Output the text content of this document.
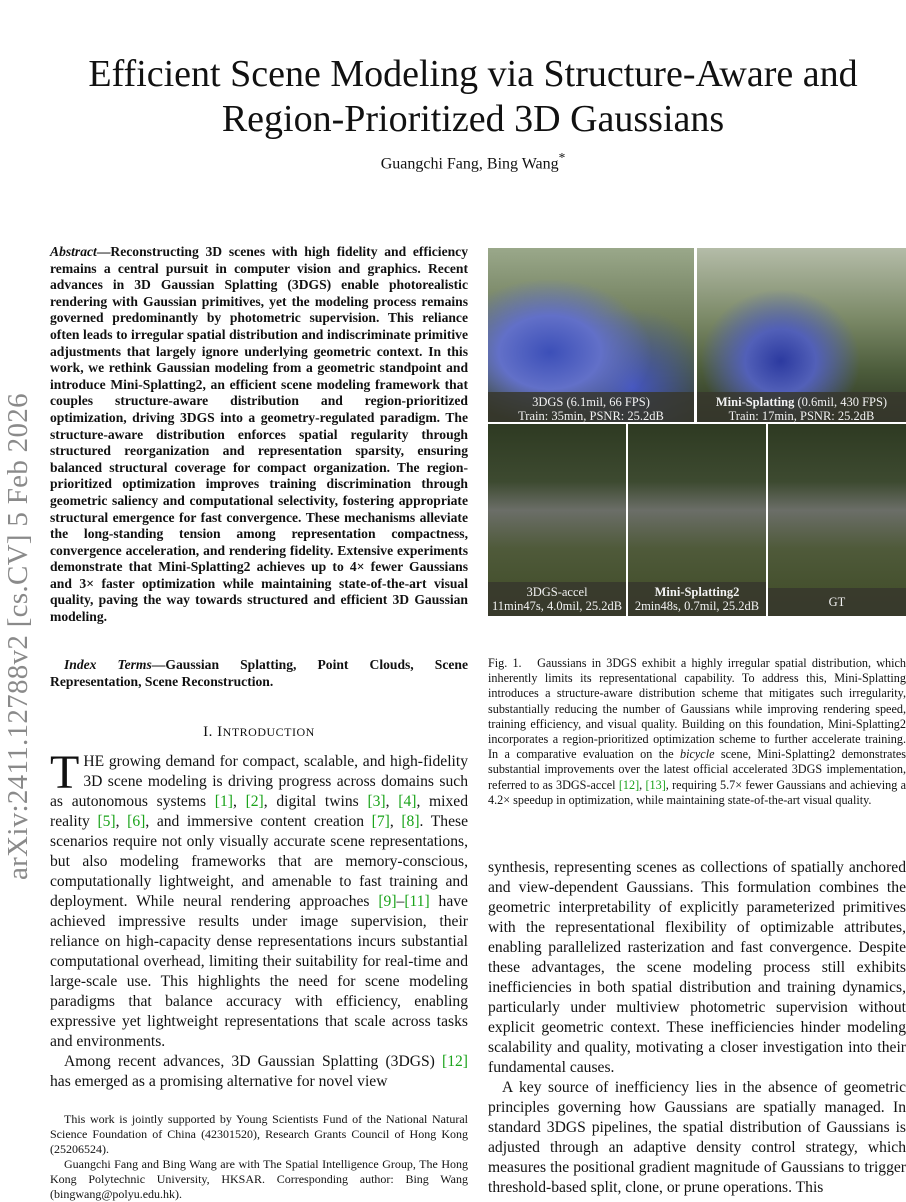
arXiv:2411.12788v2 [cs.CV] 5 Feb 2026
Efficient Scene Modeling via Structure-Aware and
Region-Prioritized 3D Gaussians
Guangchi Fang, Bing Wang*
Abstract—Reconstructing 3D scenes with high fidelity and efficiency remains a central pursuit in computer vision and graphics. Recent advances in 3D Gaussian Splatting (3DGS) enable photorealistic rendering with Gaussian primitives, yet the modeling process remains governed predominantly by photometric supervision. This reliance often leads to irregular spatial distribution and indiscriminate primitive adjustments that largely ignore underlying geometric context. In this work, we rethink Gaussian modeling from a geometric standpoint and introduce Mini-Splatting2, an efficient scene modeling framework that couples structure-aware distribution and region-prioritized optimization, driving 3DGS into a geometry-regulated paradigm. The structure-aware distribution enforces spatial regularity through structured reorganization and representation sparsity, ensuring balanced structural coverage for compact organization. The region-prioritized optimization improves training discrimination through geometric saliency and computational selectivity, fostering appropriate structural emergence for fast convergence. These mechanisms alleviate the long-standing tension among representation compactness, convergence acceleration, and rendering fidelity. Extensive experiments demonstrate that Mini-Splatting2 achieves up to 4× fewer Gaussians and 3× faster optimization while maintaining state-of-the-art visual quality, paving the way towards structured and efficient 3D Gaussian modeling.
Index Terms—Gaussian Splatting, Point Clouds, Scene Representation, Scene Reconstruction.
I. INTRODUCTION

THE growing demand for compact, scalable, and high-fidelity 3D scene modeling is driving progress across domains such as autonomous systems [1], [2], digital twins [3], [4], mixed reality [5], [6], and immersive content creation [7], [8]. These scenarios require not only visually accurate scene representations, but also modeling frameworks that are memory-conscious, computationally lightweight, and amenable to fast training and deployment. While neural rendering approaches [9]–[11] have achieved impressive results under image supervision, their reliance on high-capacity dense representations incurs substantial computational overhead, limiting their suitability for real-time and large-scale use. This highlights the need for scene modeling paradigms that balance accuracy with efficiency, enabling expressive yet lightweight representations that scale across tasks and environments.

Among recent advances, 3D Gaussian Splatting (3DGS) [12] has emerged as a promising alternative for novel view

This work is jointly supported by Young Scientists Fund of the National Natural Science Foundation of China (42301520), Research Grants Council of Hong Kong (25206524).

Guangchi Fang and Bing Wang are with The Spatial Intelligence Group, The Hong Kong Polytechnic University, HKSAR. Corresponding author: Bing Wang (bingwang@polyu.edu.hk).

3DGS (6.1mil, 66 FPS)
Train: 35min, PSNR: 25.2dB
Mini-Splatting (0.6mil, 430 FPS)
Train: 17min, PSNR: 25.2dB
3DGS-accel
11min47s, 4.0mil, 25.2dB
Mini-Splatting2
2min48s, 0.7mil, 25.2dB	GT
Fig. 1. Gaussians in 3DGS exhibit a highly irregular spatial distribution, which inherently limits its representational capability. To address this, Mini-Splatting introduces a structure-aware distribution scheme that mitigates such irregularity, substantially reducing the number of Gaussians while improving rendering speed, training efficiency, and visual quality. Building on this foundation, Mini-Splatting2 incorporates a region-prioritized optimization scheme to further accelerate training. In a comparative evaluation on the bicycle scene, Mini-Splatting2 demonstrates substantial improvements over the latest official accelerated 3DGS implementation, referred to as 3DGS-accel [12], [13], requiring 5.7× fewer Gaussians and achieving a 4.2× speedup in optimization, while maintaining state-of-the-art visual quality.

synthesis, representing scenes as collections of spatially anchored and view-dependent Gaussians. This formulation combines the geometric interpretability of explicitly parameterized primitives with the representational flexibility of optimizable attributes, enabling parallelized rasterization and fast convergence. Despite these advantages, the scene modeling process still exhibits inefficiencies in both spatial distribution and training dynamics, particularly under multiview photometric supervision without explicit geometric context. These inefficiencies hinder modeling scalability and quality, motivating a closer investigation into their fundamental causes.

A key source of inefficiency lies in the absence of geometric principles governing how Gaussians are spatially managed. In standard 3DGS pipelines, the spatial distribution of Gaussians is adjusted through an adaptive density control strategy, which measures the positional gradient magnitude of Gaussians to trigger threshold-based split, clone, or prune operations. This
